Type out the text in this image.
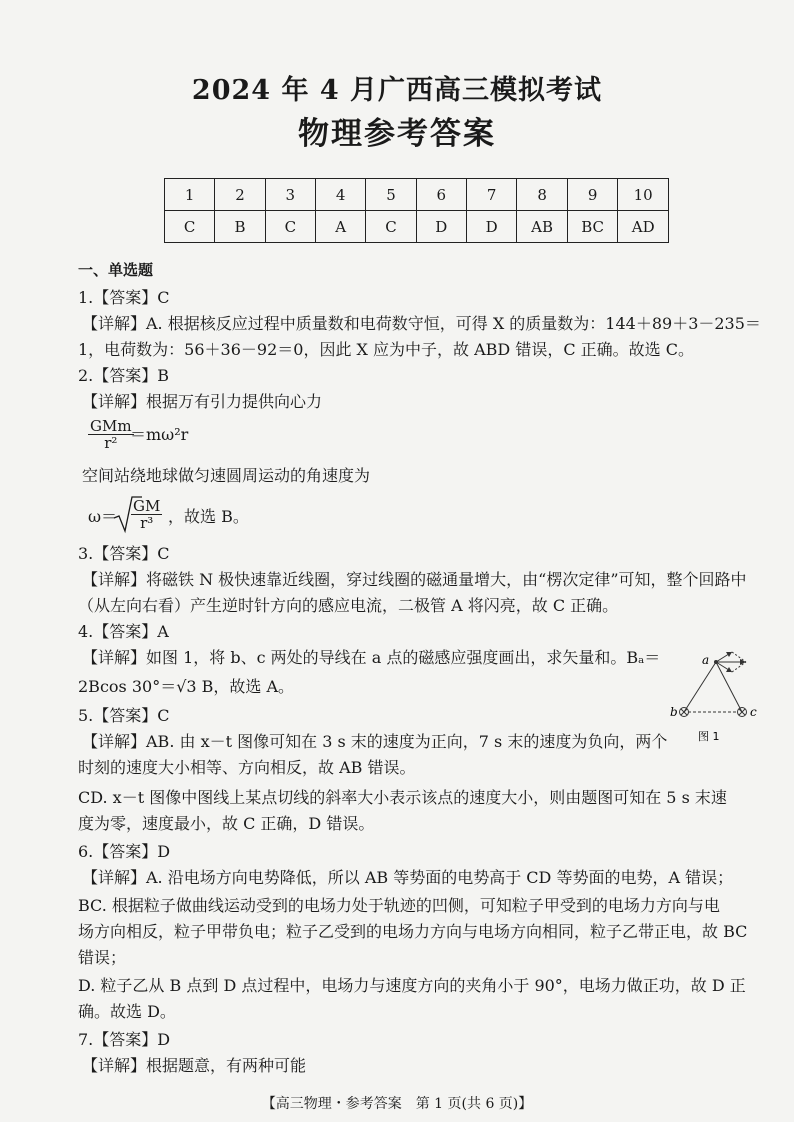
2024 年 4 月广西高三模拟考试
物理参考答案
1	2	3	4	5	6	7	8	9	10
C	B	C	A	C	D	D	AB	BC	AD
一、单选题
1.【答案】C
【详解】A. 根据核反应过程中质量数和电荷数守恒，可得 X 的质量数为：144＋89＋3－235＝
1，电荷数为：56＋36－92＝0，因此 X 应为中子，故 ABD 错误，C 正确。故选 C。
2.【答案】B
【详解】根据万有引力提供向心力
GMm
r² ＝mω²r
空间站绕地球做匀速圆周运动的角速度为
$\omega= \frac{GM}{\text{r³}}$ ，故选 B。
3.【答案】C
【详解】将磁铁 N 极快速靠近线圈，穿过线圈的磁通量增大，由“楞次定律”可知，整个回路中
（从左向右看）产生逆时针方向的感应电流，二极管 A 将闪亮，故 C 正确。
4.【答案】A
【详解】如图 1，将 b、c 两处的导线在 a 点的磁感应强度画出，求矢量和。Bₐ＝
2Bcos 30°＝√3 B，故选 A。
a
b	c
图 1
5.【答案】C
【详解】AB. 由 x－t 图像可知在 3 s 末的速度为正向，7 s 末的速度为负向，两个
时刻的速度大小相等、方向相反，故 AB 错误。
CD. x－t 图像中图线上某点切线的斜率大小表示该点的速度大小，则由题图可知在 5 s 末速
度为零，速度最小，故 C 正确，D 错误。
6.【答案】D
【详解】A. 沿电场方向电势降低，所以 AB 等势面的电势高于 CD 等势面的电势，A 错误；
BC. 根据粒子做曲线运动受到的电场力处于轨迹的凹侧，可知粒子甲受到的电场力方向与电
场方向相反，粒子甲带负电；粒子乙受到的电场力方向与电场方向相同，粒子乙带正电，故 BC
错误；
D. 粒子乙从 B 点到 D 点过程中，电场力与速度方向的夹角小于 90°，电场力做正功，故 D 正
确。故选 D。
7.【答案】D
【详解】根据题意，有两种可能
【高三物理・参考答案　第 1 页(共 6 页)】
